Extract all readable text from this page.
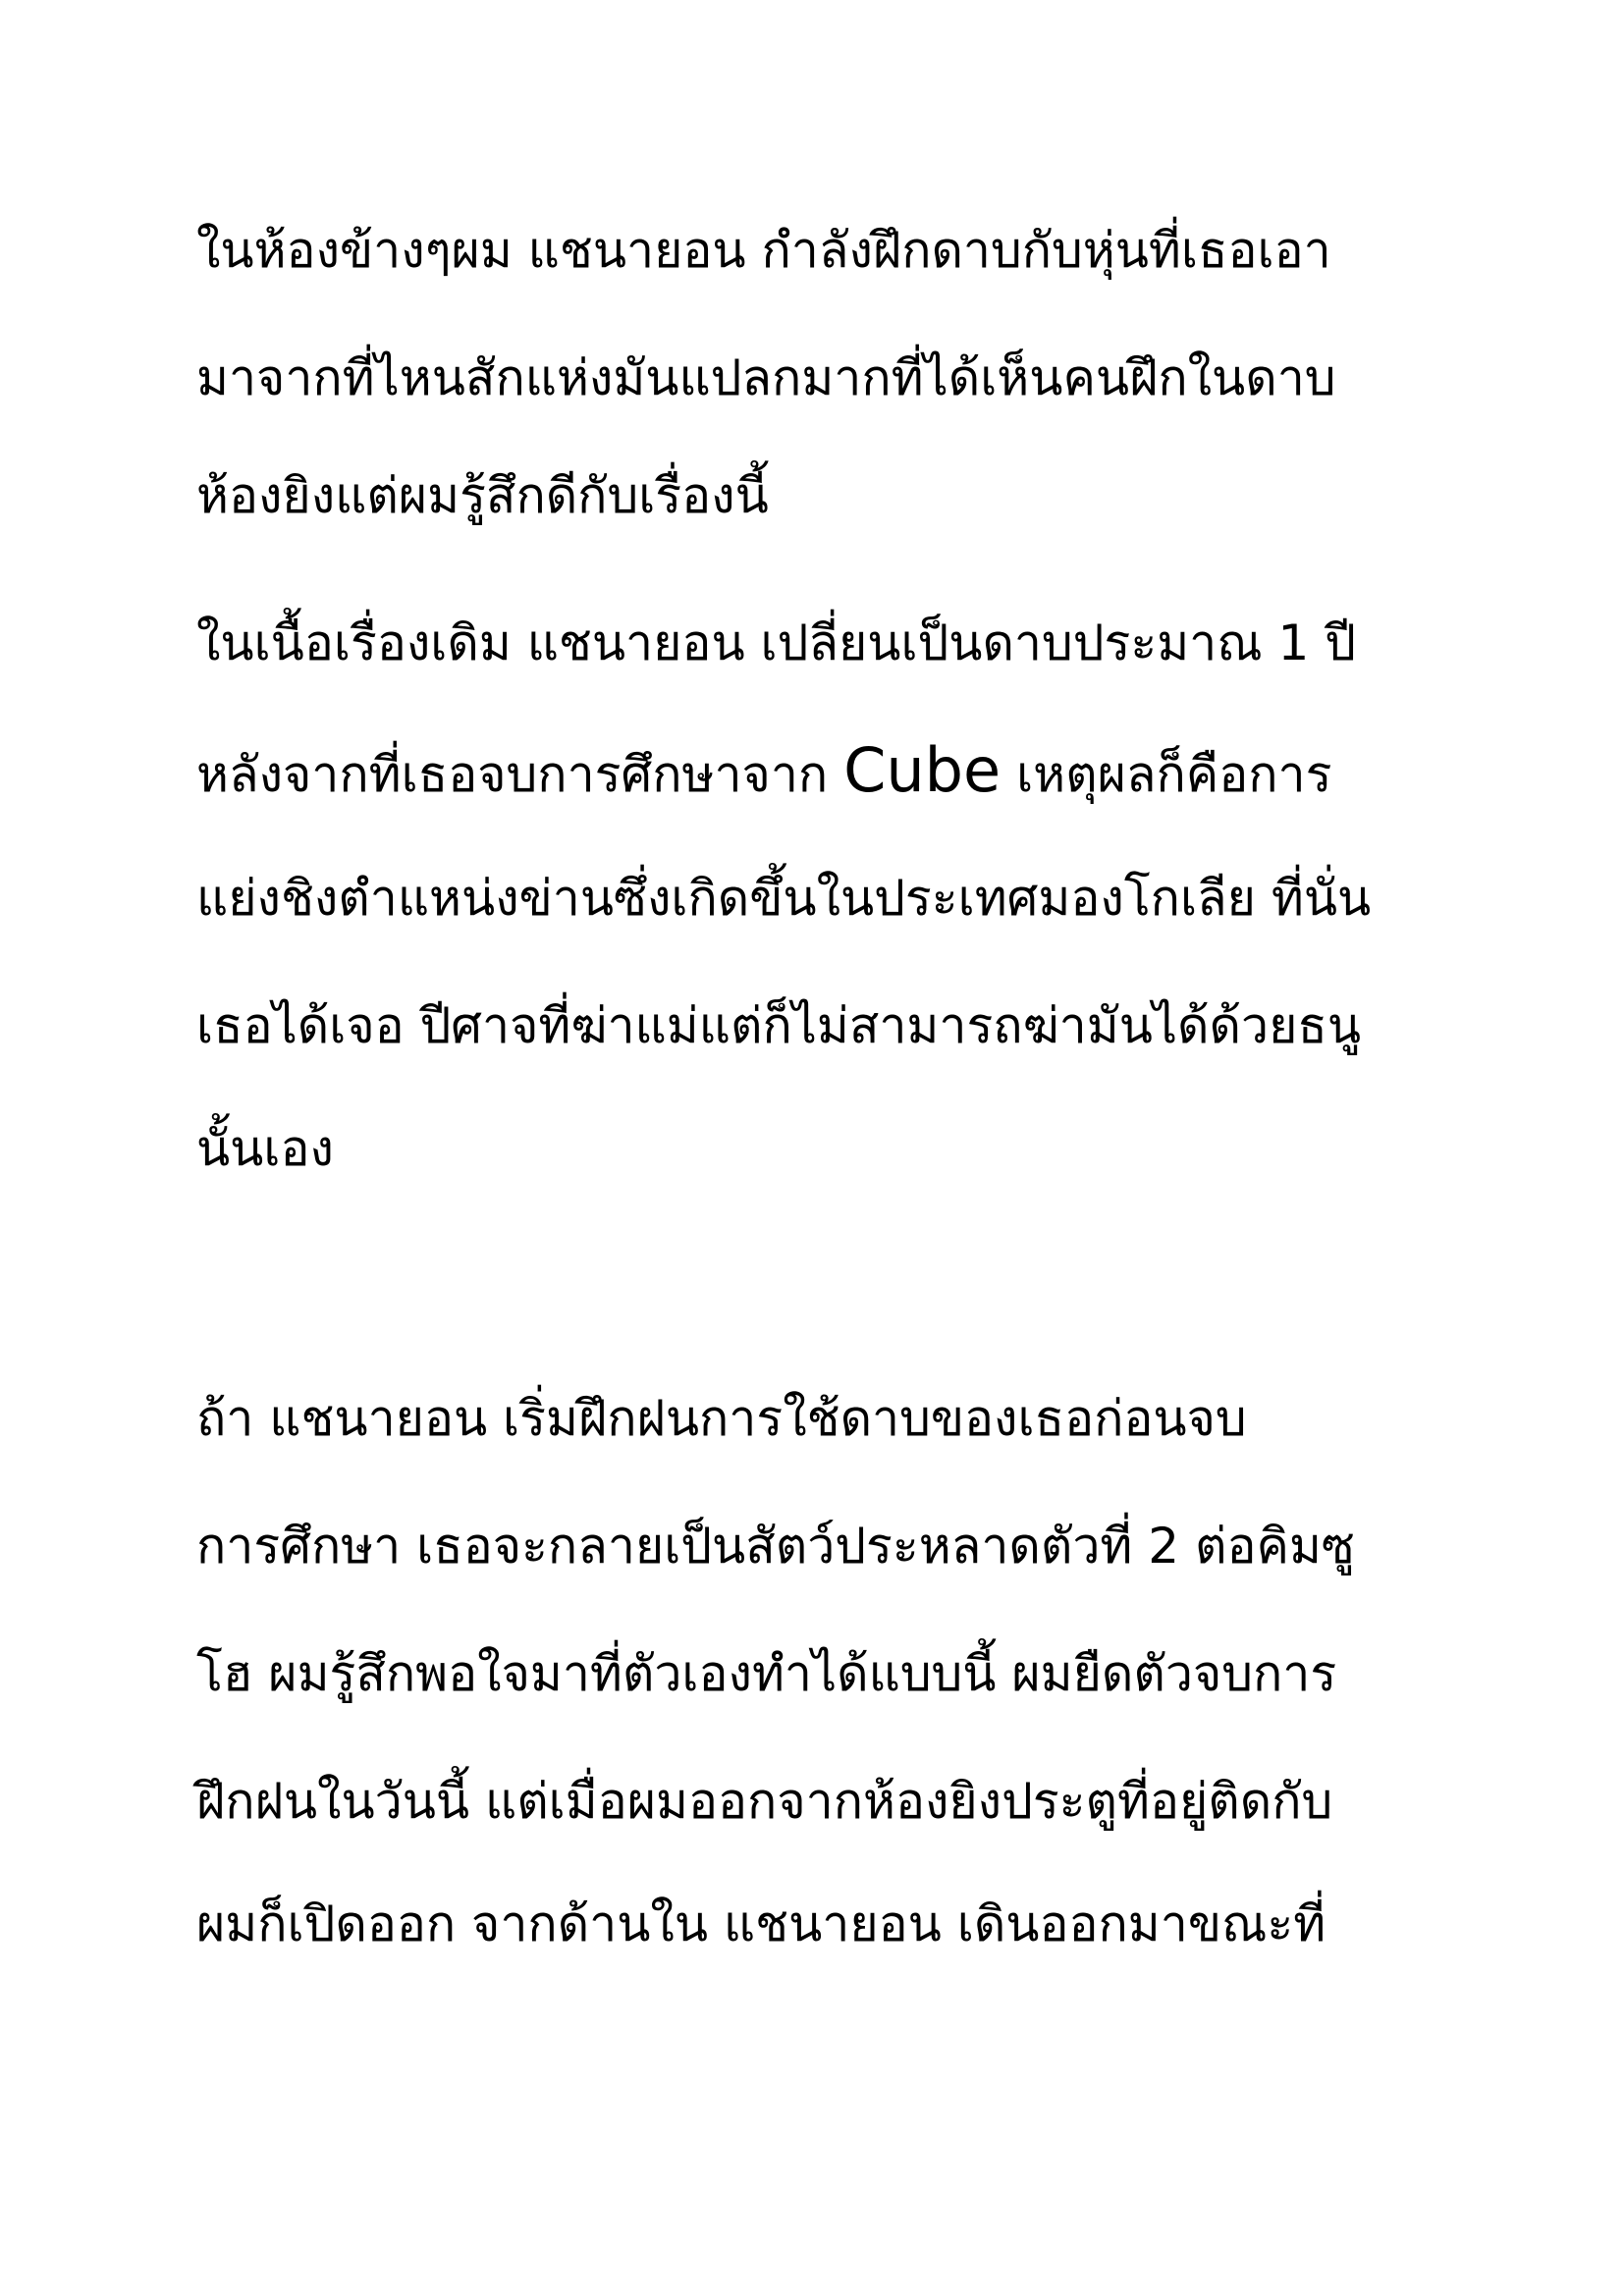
ในห้องข้างๆผม แชนายอน กำลังฝึกดาบกับหุ่นที่เธอเอา
มาจากที่ไหนสักแห่งมันแปลกมากที่ได้เห็นคนฝึกในดาบ
ห้องยิงแต่ผมรู้สึกดีกับเรื่องนี้
ในเนื้อเรื่องเดิม แชนายอน เปลี่ยนเป็นดาบประมาณ 1 ปี
หลังจากที่เธอจบการศึกษาจาก Cube เหตุผลก็คือการ
แย่งชิงตำแหน่งข่านซึ่งเกิดขึ้นในประเทศมองโกเลีย ที่นั่น
เธอได้เจอ ปีศาจที่ฆ่าแม่แต่ก็ไม่สามารถฆ่ามันได้ด้วยธนู
นั้นเอง
ถ้า แชนายอน เริ่มฝึกฝนการใช้ดาบของเธอก่อนจบ
การศึกษา เธอจะกลายเป็นสัตว์ประหลาดตัวที่ 2 ต่อคิมซู
โฮ ผมรู้สึกพอใจมาที่ตัวเองทำได้แบบนี้ ผมยืดตัวจบการ
ฝึกฝนในวันนี้ แต่เมื่อผมออกจากห้องยิงประตูที่อยู่ติดกับ
ผมก็เปิดออก จากด้านใน แชนายอน เดินออกมาขณะที่
